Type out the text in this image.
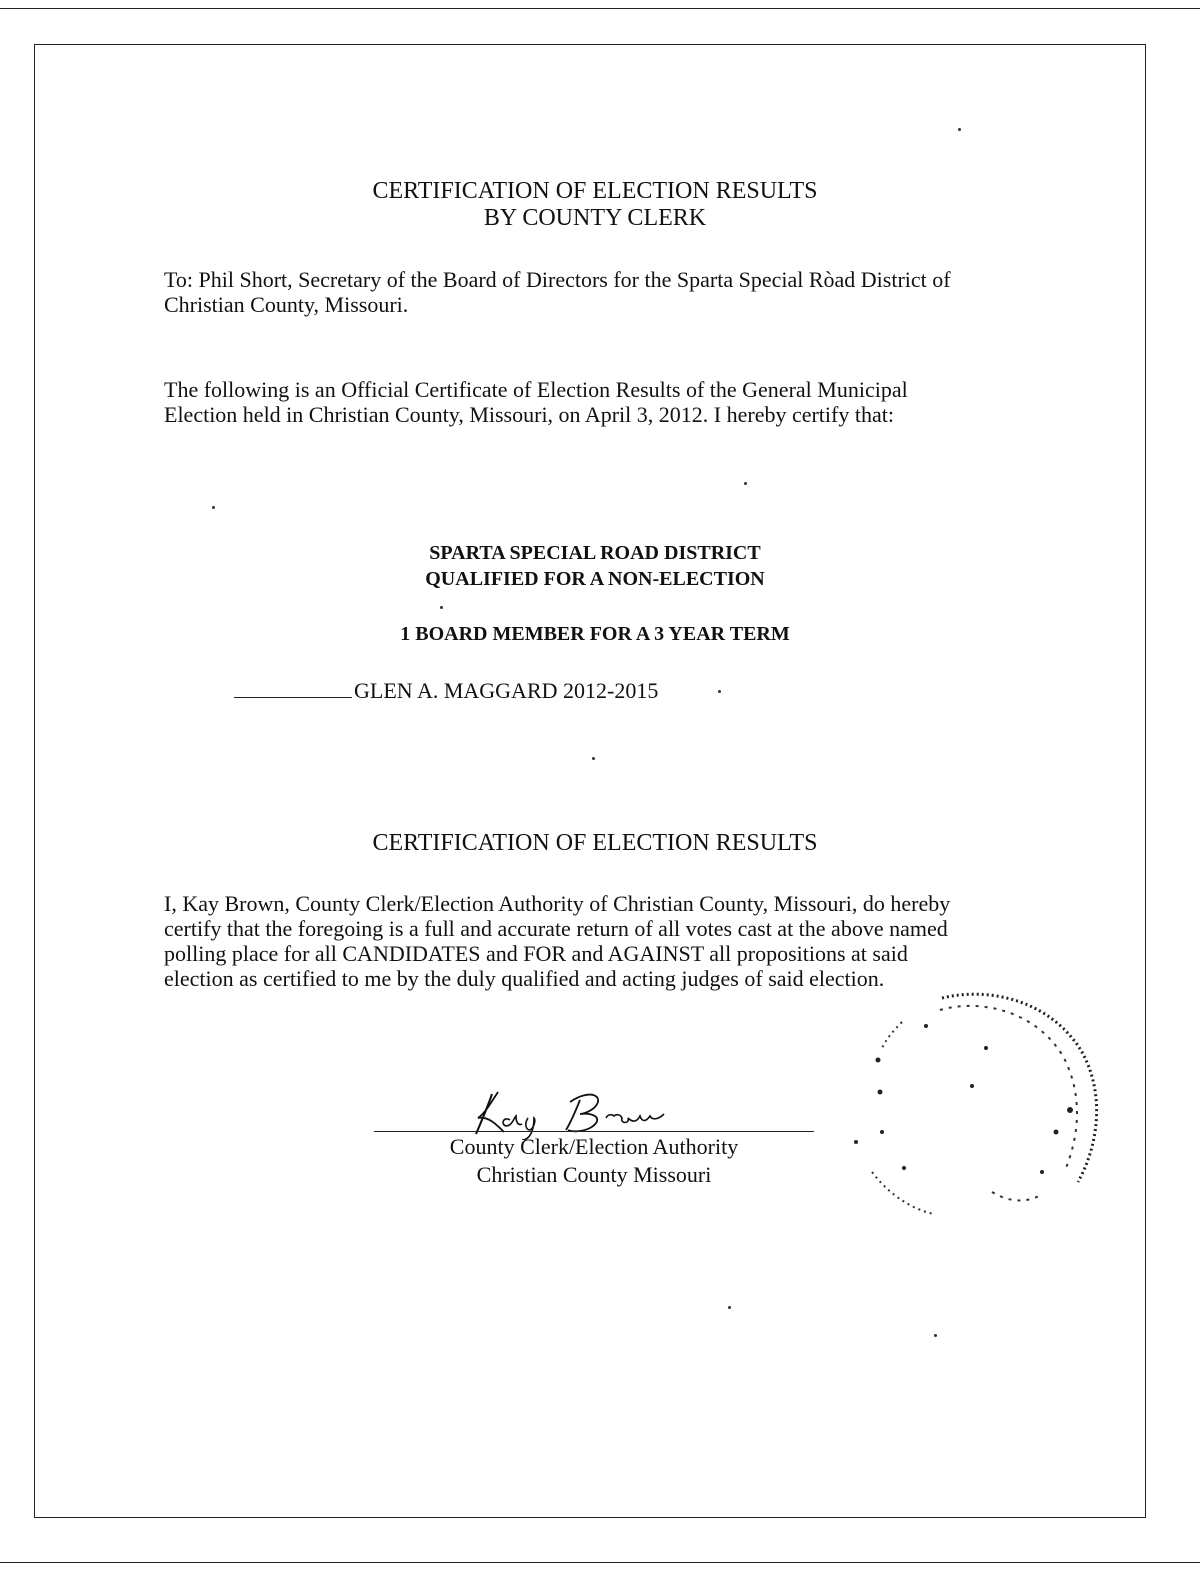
CERTIFICATION OF ELECTION RESULTS
BY COUNTY CLERK
To: Phil Short, Secretary of the Board of Directors for the Sparta Special Ròad District of
Christian County, Missouri.
The following is an Official Certificate of Election Results of the General Municipal
Election held in Christian County, Missouri, on April 3, 2012. I hereby certify that:
SPARTA SPECIAL ROAD DISTRICT
QUALIFIED FOR A NON-ELECTION
1 BOARD MEMBER FOR A 3 YEAR TERM
GLEN A. MAGGARD 2012-2015
CERTIFICATION OF ELECTION RESULTS
I, Kay Brown, County Clerk/Election Authority of Christian County, Missouri, do hereby
certify that the foregoing is a full and accurate return of all votes cast at the above named
polling place for all CANDIDATES and FOR and AGAINST all propositions at said
election as certified to me by the duly qualified and acting judges of said election.
County Clerk/Election Authority
Christian County Missouri
